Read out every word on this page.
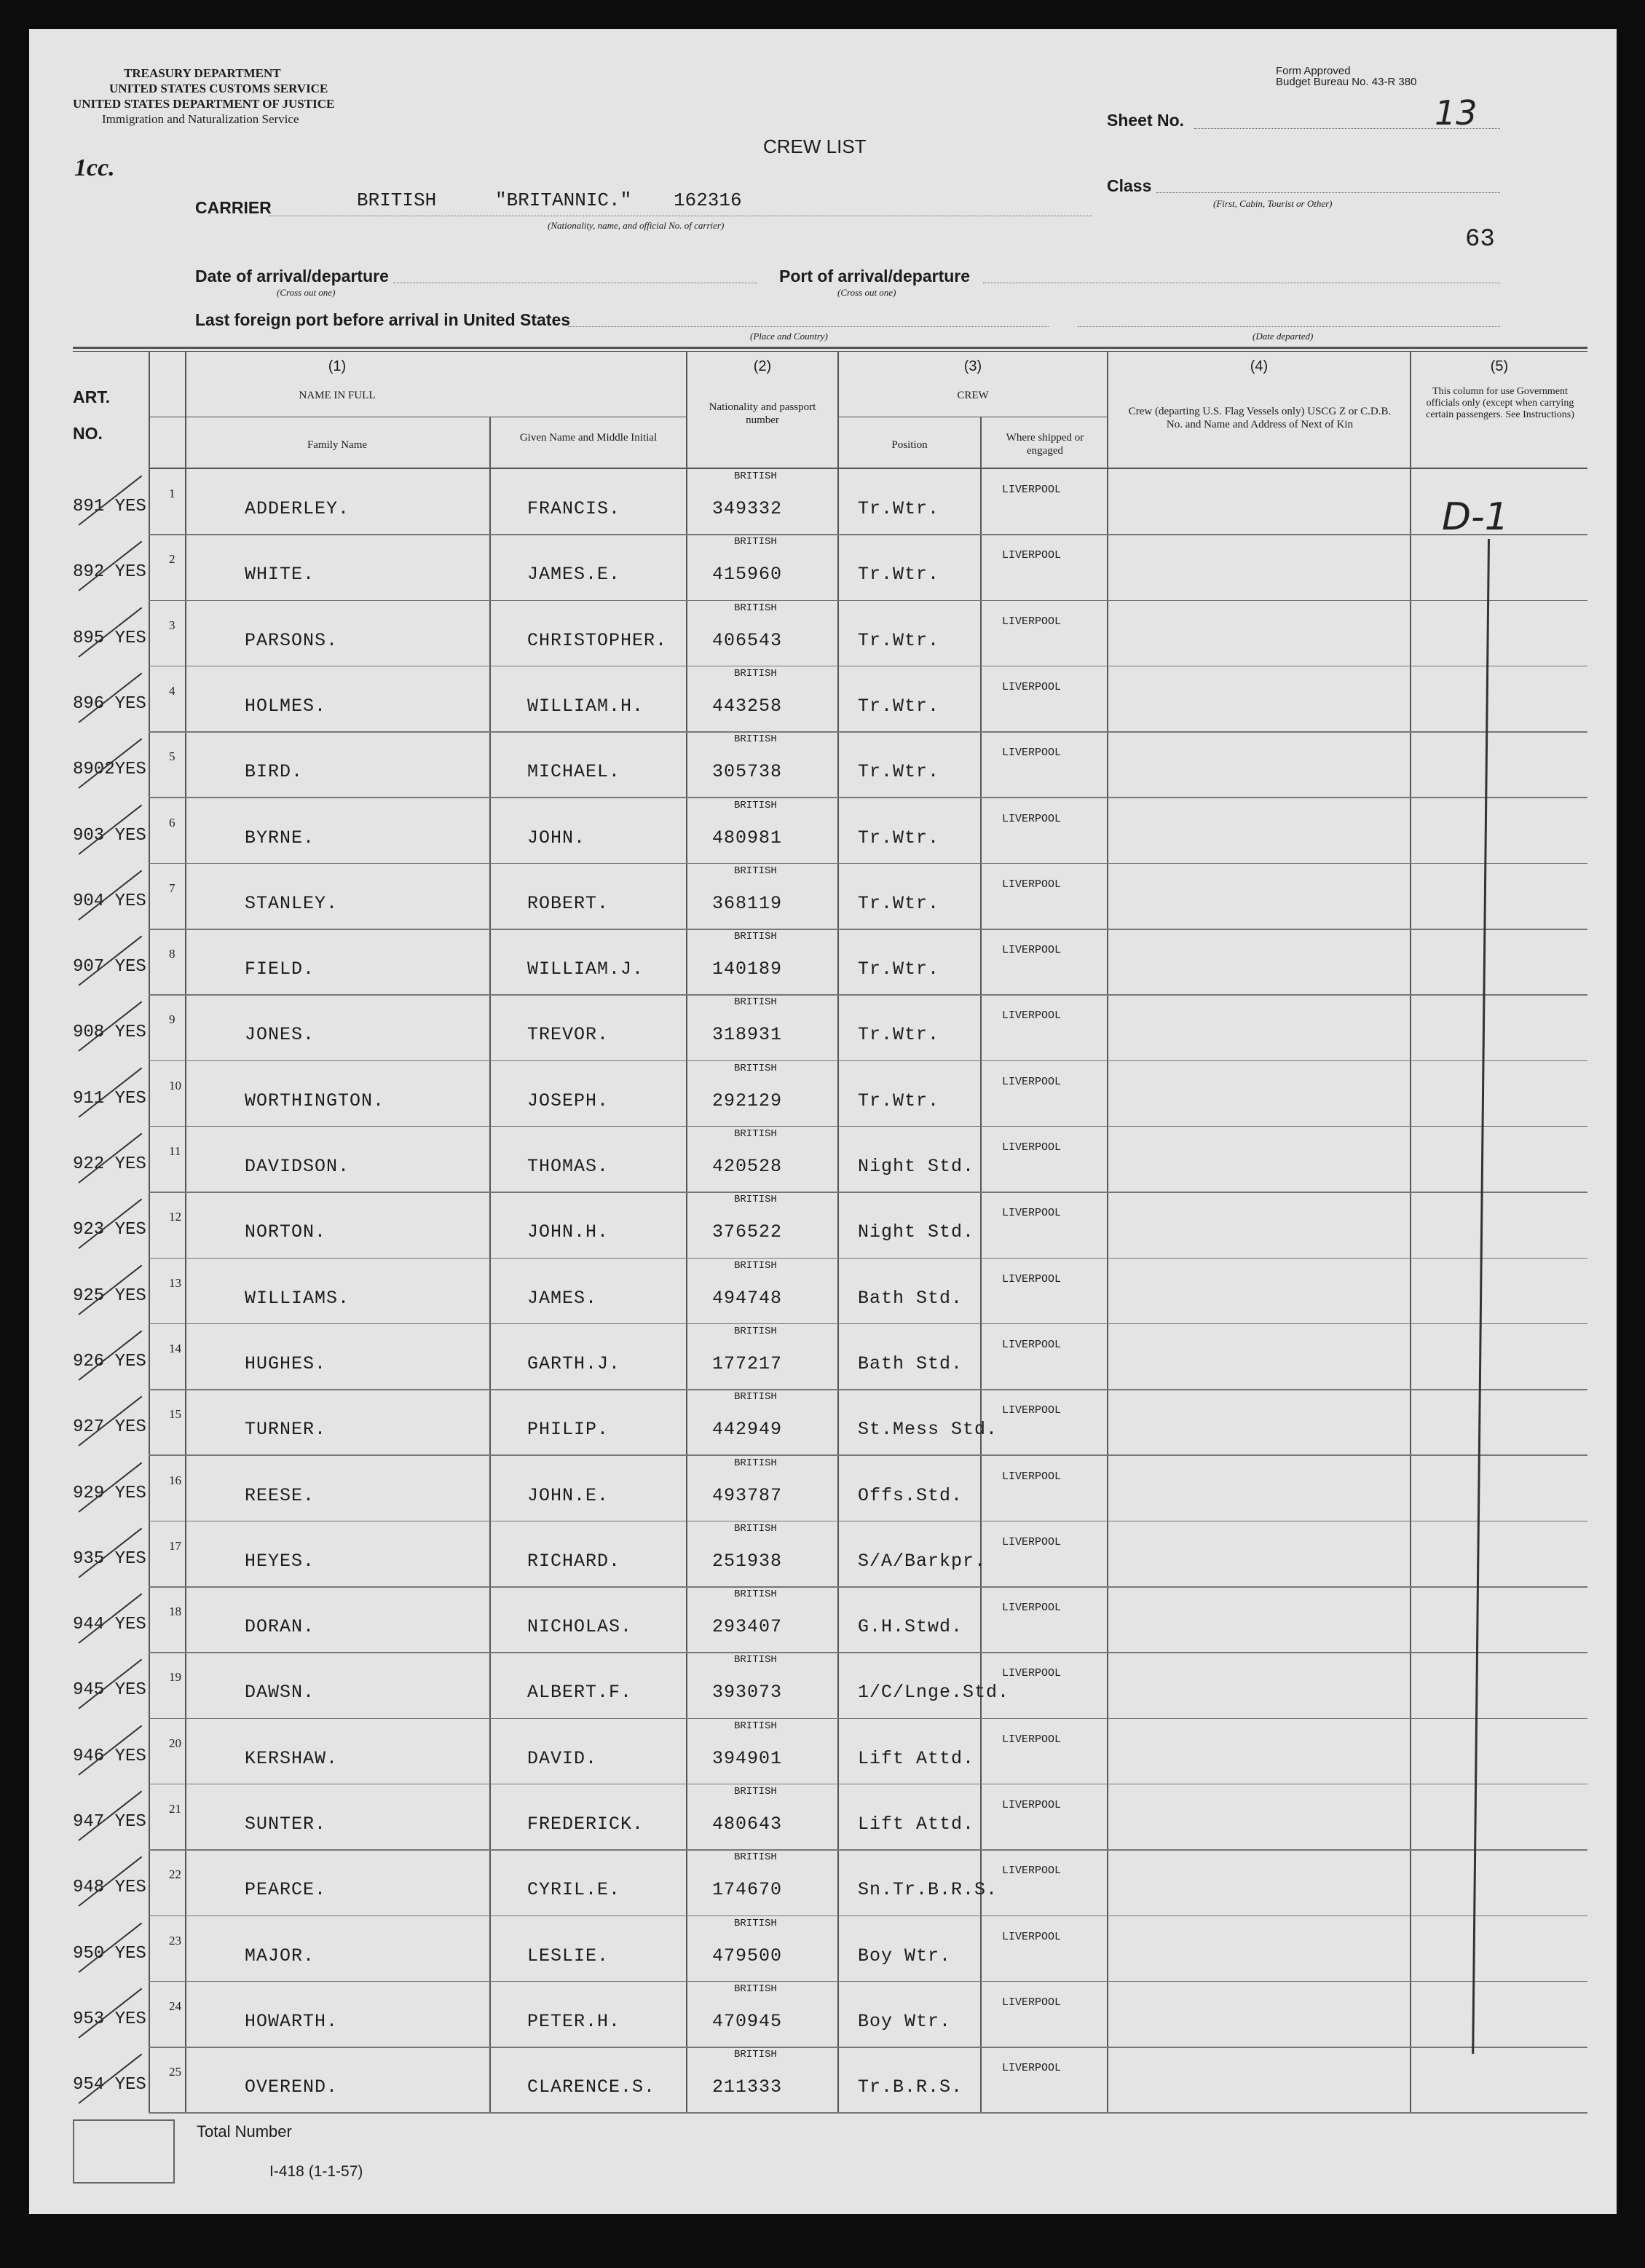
TREASURY DEPARTMENT
UNITED STATES CUSTOMS SERVICE
UNITED STATES DEPARTMENT OF JUSTICE
Immigration and Naturalization Service
1cc.
Form Approved
Budget Bureau No. 43-R 380
CREW LIST
Sheet No.	13
Class
(First, Cabin, Tourist or Other)
CARRIER	BRITISH	"BRITANNIC." 162316
(Nationality, name, and official No. of carrier)
63
Date of arrival/departure
(Cross out one)
Port of arrival/departure
(Cross out one)
Last foreign port before arrival in United States
(Place and Country)	(Date departed)
ART.
NO.
(1)
NAME IN FULL
Family Name
Given Name and Middle Initial
(2)
Nationality and passport number
(3)
CREW
Position
Where shipped or engaged
(4)
Crew (departing U.S. Flag Vessels only) USCG Z or C.D.B. No. and Name and Address of Next of Kin
(5)
This column for use Government officials only (except when carrying certain passengers. See Instructions)
891 YES
1
ADDERLEY.	FRANCIS.
BRITISH
349332	Tr.Wtr.
LIVERPOOL
892 YES
2
WHITE.	JAMES.E.
BRITISH
415960	Tr.Wtr.
LIVERPOOL
895 YES
3
PARSONS.	CHRISTOPHER.
BRITISH
406543	Tr.Wtr.
LIVERPOOL
896 YES
4
HOLMES.	WILLIAM.H.
BRITISH
443258	Tr.Wtr.
LIVERPOOL
8902YES
5
BIRD.	MICHAEL.
BRITISH
305738	Tr.Wtr.
LIVERPOOL
903 YES
6
BYRNE.	JOHN.
BRITISH
480981	Tr.Wtr.
LIVERPOOL
904 YES
7
STANLEY.	ROBERT.
BRITISH
368119	Tr.Wtr.
LIVERPOOL
907 YES
8
FIELD.	WILLIAM.J.
BRITISH
140189	Tr.Wtr.
LIVERPOOL
908 YES
9
JONES.	TREVOR.
BRITISH
318931	Tr.Wtr.
LIVERPOOL
911 YES
10
WORTHINGTON.	JOSEPH.
BRITISH
292129	Tr.Wtr.
LIVERPOOL
922 YES
11
DAVIDSON.	THOMAS.
BRITISH
420528	Night Std.
LIVERPOOL
923 YES
12
NORTON.	JOHN.H.
BRITISH
376522	Night Std.
LIVERPOOL
925 YES
13
WILLIAMS.	JAMES.
BRITISH
494748	Bath Std.
LIVERPOOL
926 YES
14
HUGHES.	GARTH.J.
BRITISH
177217	Bath Std.
LIVERPOOL
927 YES
15
TURNER.	PHILIP.
BRITISH
442949	St.Mess Std.
LIVERPOOL
929 YES
16
REESE.	JOHN.E.
BRITISH
493787	Offs.Std.
LIVERPOOL
935 YES
17
HEYES.	RICHARD.
BRITISH
251938	S/A/Barkpr.
LIVERPOOL
944 YES
18
DORAN.	NICHOLAS.
BRITISH
293407	G.H.Stwd.
LIVERPOOL
945 YES
19
DAWSN.	ALBERT.F.
BRITISH
393073	1/C/Lnge.Std.
LIVERPOOL
946 YES
20
KERSHAW.	DAVID.
BRITISH
394901	Lift Attd.
LIVERPOOL
947 YES
21
SUNTER.	FREDERICK.
BRITISH
480643	Lift Attd.
LIVERPOOL
948 YES
22
PEARCE.	CYRIL.E.
BRITISH
174670	Sn.Tr.B.R.S.
LIVERPOOL
950 YES
23
MAJOR.	LESLIE.
BRITISH
479500	Boy Wtr.
LIVERPOOL
953 YES
24
HOWARTH.	PETER.H.
BRITISH
470945	Boy Wtr.
LIVERPOOL
954 YES
25
OVEREND.	CLARENCE.S.
BRITISH
211333	Tr.B.R.S.
LIVERPOOL
D-1
Total Number
I-418 (1-1-57)
